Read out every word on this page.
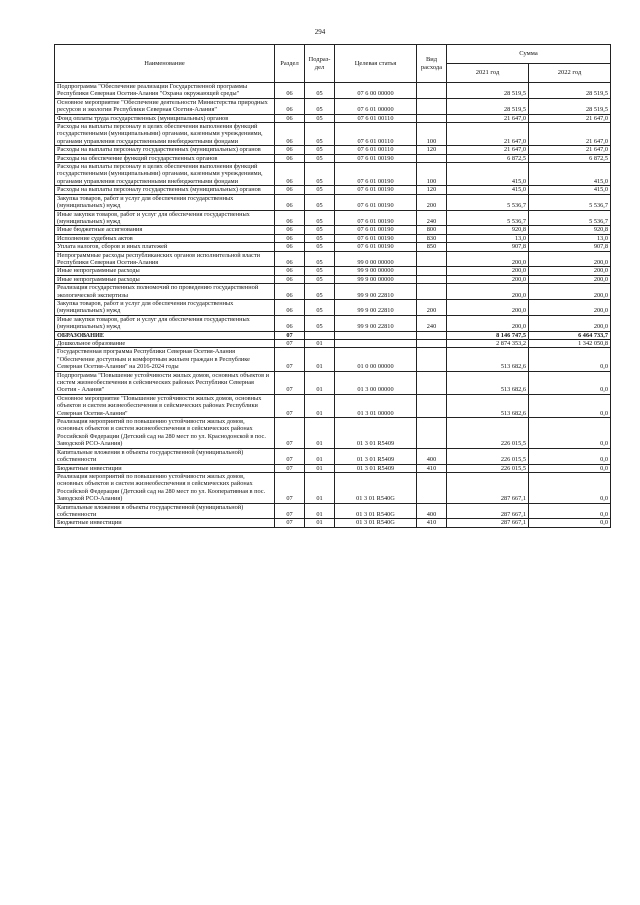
294
Наименование	Раздел	Подраз-дел	Целевая статья	Вид расхода	Сумма	
					2021 год	2022 год
Подпрограмма "Обеспечение реализации Государственной программы Республики Северная Осетия-Алания "Охрана окружающей среды"	06	05	07 6 00 00000		28 519,5	28 519,5
Основное мероприятие "Обеспечение деятельности Министерства природных ресурсов и экологии Республики Северная Осетия-Алания"	06	05	07 6 01 00000		28 519,5	28 519,5
Фонд оплаты труда государственных (муниципальных) органов	06	05	07 6 01 00110		21 647,0	21 647,0
Расходы на выплаты персоналу в целях обеспечения выполнения функций государственными (муниципальными) органами, казенными учреждениями, органами управления государственными внебюджетными фондами	06	05	07 6 01 00110	100	21 647,0	21 647,0
Расходы на выплаты персоналу государственных (муниципальных) органов	06	05	07 6 01 00110	120	21 647,0	21 647,0
Расходы на обеспечение функций государственных органов	06	05	07 6 01 00190		6 872,5	6 872,5
Расходы на выплаты персоналу в целях обеспечения выполнения функций государственными (муниципальными) органами, казенными учреждениями, органами управления государственными внебюджетными фондами	06	05	07 6 01 00190	100	415,0	415,0
Расходы на выплаты персоналу государственных (муниципальных) органов	06	05	07 6 01 00190	120	415,0	415,0
Закупка товаров, работ и услуг для обеспечения государственных (муниципальных) нужд	06	05	07 6 01 00190	200	5 536,7	5 536,7
Иные закупки товаров, работ и услуг для обеспечения государственных (муниципальных) нужд	06	05	07 6 01 00190	240	5 536,7	5 536,7
Иные бюджетные ассигнования	06	05	07 6 01 00190	800	920,8	920,8
Исполнение судебных актов	06	05	07 6 01 00190	830	13,0	13,0
Уплата налогов, сборов и иных платежей	06	05	07 6 01 00190	850	907,8	907,8
Непрограммные расходы республиканских органов исполнительной власти Республики Северная Осетия-Алания	06	05	99 0 00 00000		200,0	200,0
Иные непрограммные расходы	06	05	99 9 00 00000		200,0	200,0
Иные непрограммные расходы	06	05	99 9 00 00000		200,0	200,0
Реализация государственных полномочий по проведению государственной экологической экспертизы	06	05	99 9 00 22810		200,0	200,0
Закупка товаров, работ и услуг для обеспечения государственных (муниципальных) нужд	06	05	99 9 00 22810	200	200,0	200,0
Иные закупки товаров, работ и услуг для обеспечения государственных (муниципальных) нужд	06	05	99 9 00 22810	240	200,0	200,0
ОБРАЗОВАНИЕ	07				8 146 747,5	6 464 733,7
Дошкольное образование	07	01			2 874 353,2	1 342 050,8
Государственная программа Республики Северная Осетия-Алания "Обеспечение доступным и комфортным жильем граждан в Республике Северная Осетия-Алания" на 2016-2024 годы	07	01	01 0 00 00000		513 682,6	0,0
Подпрограмма "Повышение устойчивости жилых домов, основных объектов и систем жизнеобеспечения в сейсмических районах Республики Северная Осетия - Алания"	07	01	01 3 00 00000		513 682,6	0,0
Основное мероприятие "Повышение устойчивости жилых домов, основных объектов и систем жизнеобеспечения в сейсмических районах Республики Северная Осетия-Алания"	07	01	01 3 01 00000		513 682,6	0,0
Реализация мероприятий по повышению устойчивости жилых домов, основных объектов и систем жизнеобеспечения в сейсмических районах Российской Федерации (Детский сад на 280 мест по ул. Краснодонской в пос. Заводской РСО-Алания)	07	01	01 3 01 R5409		226 015,5	0,0
Капитальные вложения в объекты государственной (муниципальной) собственности	07	01	01 3 01 R5409	400	226 015,5	0,0
Бюджетные инвестиции	07	01	01 3 01 R5409	410	226 015,5	0,0
Реализация мероприятий по повышению устойчивости жилых домов, основных объектов и систем жизнеобеспечения в сейсмических районах Российской Федерации (Детский сад на 280 мест по ул. Кооперативная в пос. Заводской РСО-Алания)	07	01	01 3 01 R540G		287 667,1	0,0
Капитальные вложения в объекты государственной (муниципальной) собственности	07	01	01 3 01 R540G	400	287 667,1	0,0
Бюджетные инвестиции	07	01	01 3 01 R540G	410	287 667,1	0,0
